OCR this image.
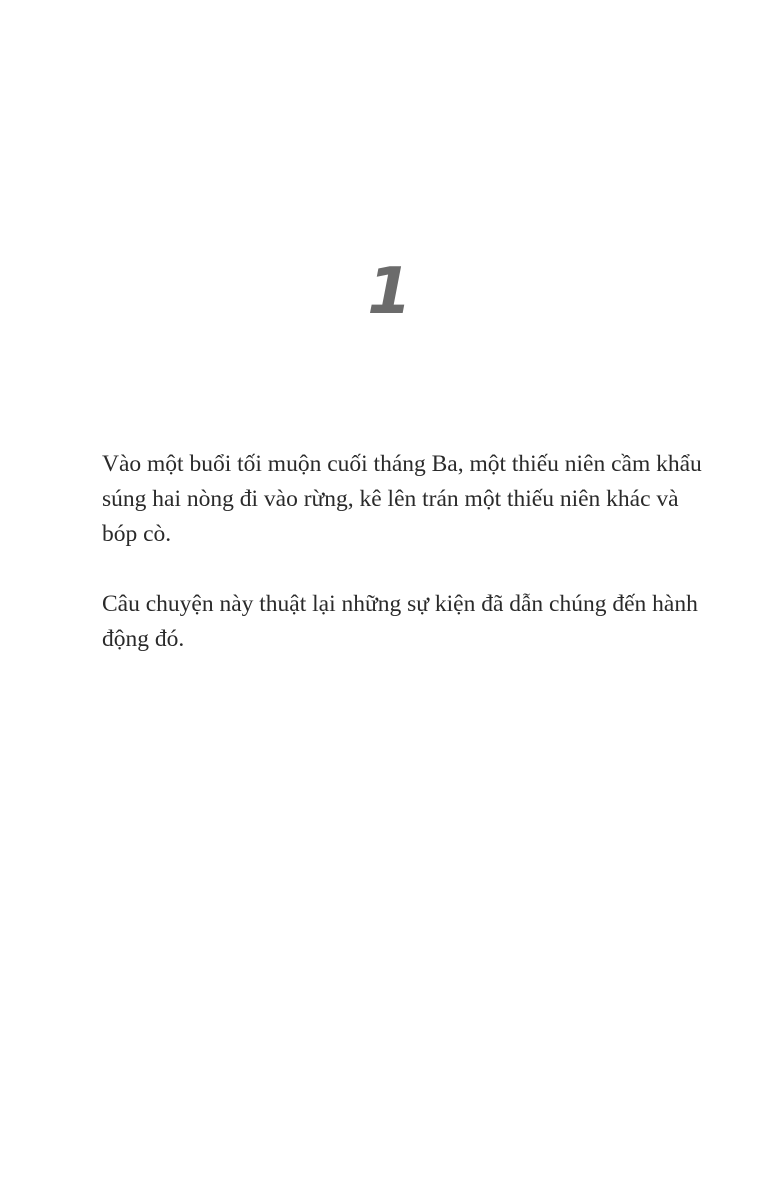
1

Vào một buổi tối muộn cuối tháng Ba, một thiếu niên cầm khẩu súng hai nòng đi vào rừng, kê lên trán một thiếu niên khác và bóp cò.

Câu chuyện này thuật lại những sự kiện đã dẫn chúng đến hành động đó.
